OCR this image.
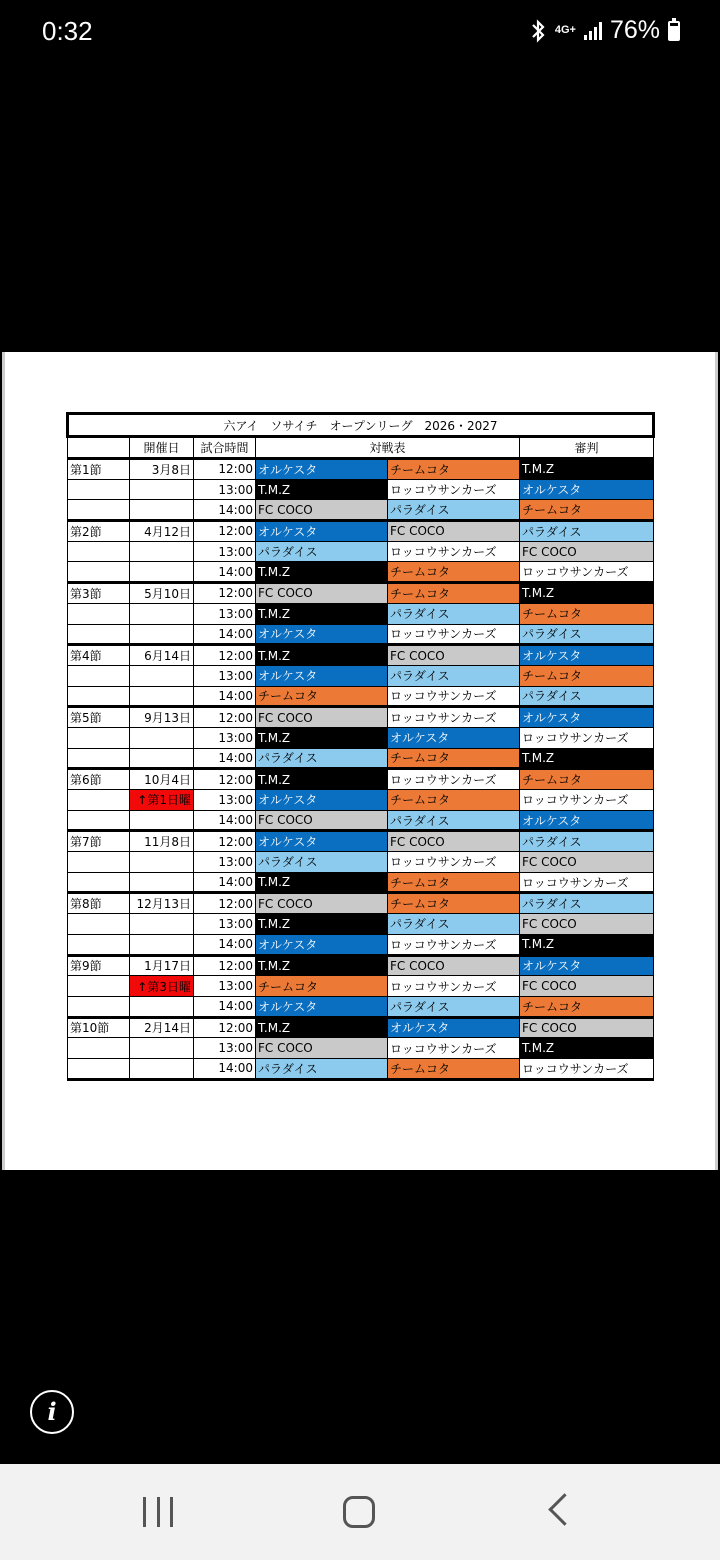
0:32	4G+ 76%
六アイ　ソサイチ　オープンリーグ　2026・2027					
	開催日	試合時間	対戦表		審判
第1節	3月8日	12:00	オルケスタ	チームコタ	T.M.Z
		13:00	T.M.Z	ロッコウサンカーズ	オルケスタ
		14:00	FC COCO	パラダイス	チームコタ
第2節	4月12日	12:00	オルケスタ	FC COCO	パラダイス
		13:00	パラダイス	ロッコウサンカーズ	FC COCO
		14:00	T.M.Z	チームコタ	ロッコウサンカーズ
第3節	5月10日	12:00	FC COCO	チームコタ	T.M.Z
		13:00	T.M.Z	パラダイス	チームコタ
		14:00	オルケスタ	ロッコウサンカーズ	パラダイス
第4節	6月14日	12:00	T.M.Z	FC COCO	オルケスタ
		13:00	オルケスタ	パラダイス	チームコタ
		14:00	チームコタ	ロッコウサンカーズ	パラダイス
第5節	9月13日	12:00	FC COCO	ロッコウサンカーズ	オルケスタ
		13:00	T.M.Z	オルケスタ	ロッコウサンカーズ
		14:00	パラダイス	チームコタ	T.M.Z
第6節	10月4日	12:00	T.M.Z	ロッコウサンカーズ	チームコタ
	↑第1日曜	13:00	オルケスタ	チームコタ	ロッコウサンカーズ
		14:00	FC COCO	パラダイス	オルケスタ
第7節	11月8日	12:00	オルケスタ	FC COCO	パラダイス
		13:00	パラダイス	ロッコウサンカーズ	FC COCO
		14:00	T.M.Z	チームコタ	ロッコウサンカーズ
第8節	12月13日	12:00	FC COCO	チームコタ	パラダイス
		13:00	T.M.Z	パラダイス	FC COCO
		14:00	オルケスタ	ロッコウサンカーズ	T.M.Z
第9節	1月17日	12:00	T.M.Z	FC COCO	オルケスタ
	↑第3日曜	13:00	チームコタ	ロッコウサンカーズ	FC COCO
		14:00	オルケスタ	パラダイス	チームコタ
第10節	2月14日	12:00	T.M.Z	オルケスタ	FC COCO
		13:00	FC COCO	ロッコウサンカーズ	T.M.Z
		14:00	パラダイス	チームコタ	ロッコウサンカーズ
i
